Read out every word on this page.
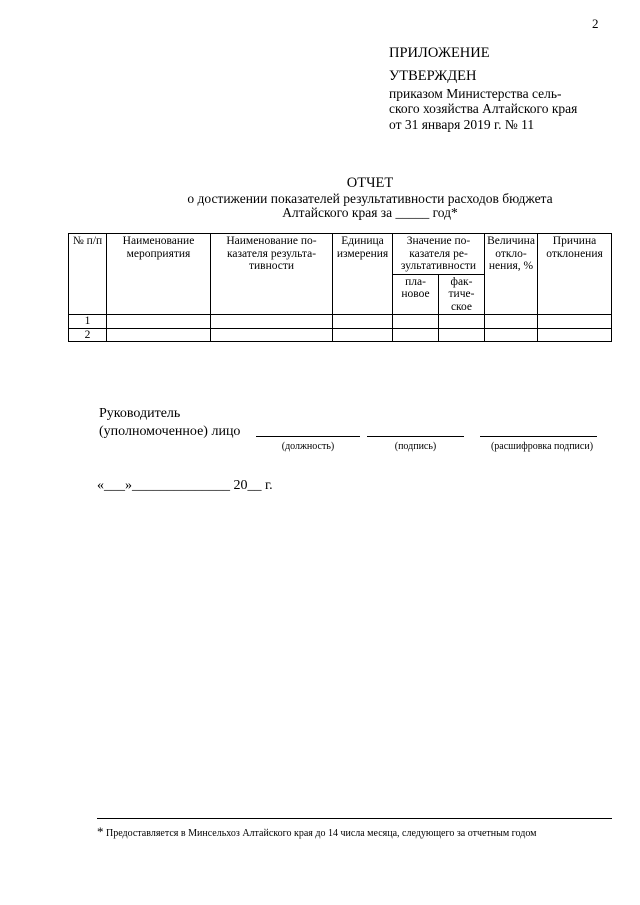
2
ПРИЛОЖЕНИЕ
УТВЕРЖДЕН
приказом Министерства сель-
ского хозяйства Алтайского края
от 31 января 2019 г. № 11
ОТЧЕТ
о достижении показателей результативности расходов бюджета
Алтайского края за _____ год*
№ п/п	Наименование мероприятия	Наименование показателя результативности	Единица измерения	Значение показателя результативности		Величина отклонения, %	Причина отклонения
				плановое	фактическое		
1							
2							
Руководитель
(уполномоченное) лицо
(должность)	(подпись)	(расшифровка подписи)
«___»______________ 20__ г.
* Предоставляется в Минсельхоз Алтайского края до 14 числа месяца, следующего за отчетным годом
